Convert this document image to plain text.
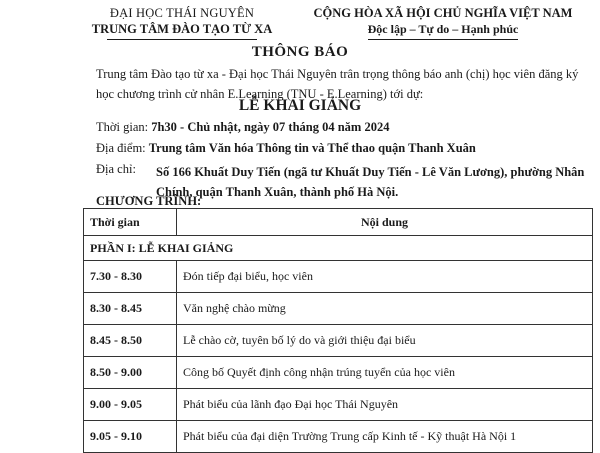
ĐẠI HỌC THÁI NGUYÊN
TRUNG TÂM ĐÀO TẠO TỪ XA
CỘNG HÒA XÃ HỘI CHỦ NGHĨA VIỆT NAM
Độc lập – Tự do – Hạnh phúc
THÔNG BÁO
Trung tâm Đào tạo từ xa - Đại học Thái Nguyên trân trọng thông báo anh (chị) học viên đăng ký
học chương trình cử nhân E.Learning (TNU - E.Learning) tới dự:
LỄ KHAI GIẢNG
Thời gian: 7h30 - Chủ nhật, ngày 07 tháng 04 năm 2024
Địa điểm: Trung tâm Văn hóa Thông tin và Thể thao quận Thanh Xuân
Địa chỉ:	Số 166 Khuất Duy Tiến (ngã tư Khuất Duy Tiến - Lê Văn Lương), phường Nhân
Chính, quận Thanh Xuân, thành phố Hà Nội.
CHƯƠNG TRÌNH:
Thời gian	Nội dung
PHẦN I: LỄ KHAI GIẢNG	
7.30 - 8.30	Đón tiếp đại biểu, học viên
8.30 - 8.45	Văn nghệ chào mừng
8.45 - 8.50	Lễ chào cờ, tuyên bố lý do và giới thiệu đại biểu
8.50 - 9.00	Công bố Quyết định công nhận trúng tuyển của học viên
9.00 - 9.05	Phát biểu của lãnh đạo Đại học Thái Nguyên
9.05 - 9.10	Phát biểu của đại diện Trường Trung cấp Kinh tế - Kỹ thuật Hà Nội 1
